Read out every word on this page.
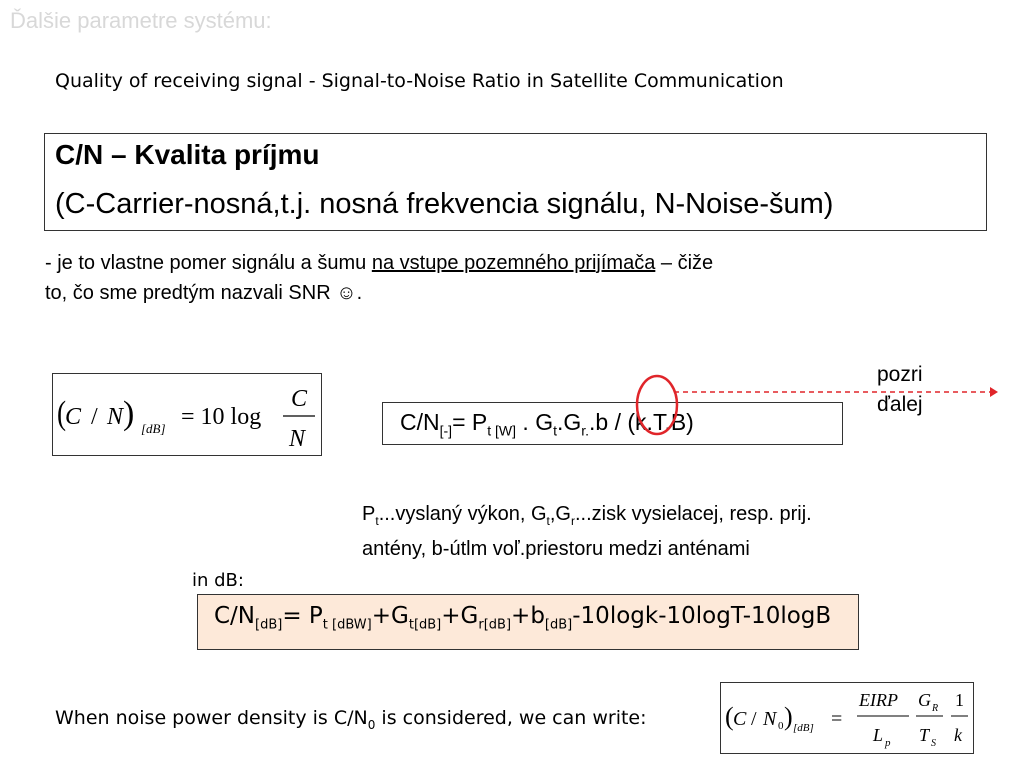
Ďalšie parametre systému:
Quality of receiving signal - Signal-to-Noise Ratio in Satellite Communication
C/N – Kvalita príjmu
(C-Carrier-nosná,t.j. nosná frekvencia signálu, N-Noise-šum)
- je to vlastne pomer signálu a šumu na vstupe pozemného prijímača – čiže
to, čo sme predtým nazvali SNR ☺.
(
C / N ) [dB] = 10 log
C
N
$C/N_{[-]}= P_{t [W]}$ . $G_t.G_{r.}.b / (k.T.B)$
pozri
ďalej
$P_t...vyslaný$ výkon, $G_t,G_r...zisk$ vysielacej, resp. prij.
antény, b-útlm voľ.priestoru medzi anténami
in dB:
$C/N_{[dB]}= P_{t [dBW]}+G_{t[dB]}+G_{r[dB]}+b_{[dB]}-10\log k-10\log T-10\log B$
When noise power density is $C/N_0$ is considered, we can write:	( C / N 0 ) [dB] =
EIRP
L p
G R
T S
1
k
